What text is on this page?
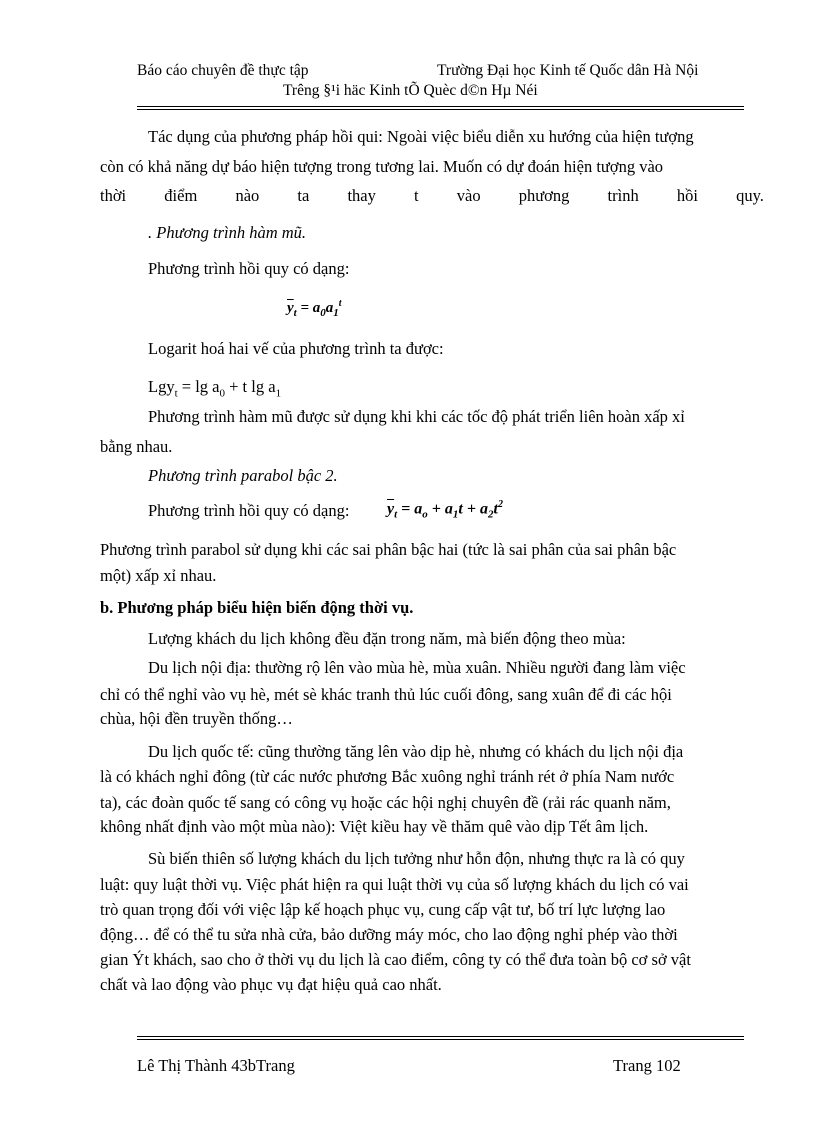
Báo cáo chuyên đề thực tập	Trường Đại học Kinh tế Quốc dân Hà Nội
Trêng §¹i häc Kinh tÕ Quèc d©n Hµ Néi
Tác dụng của phương pháp hồi qui: Ngoài việc biểu diễn xu hướng của hiện tượng
còn có khả năng dự báo hiện tượng trong tương lai. Muốn có dự đoán hiện tượng vào
thời điểm nào ta thay t vào phương trình hồi quy.
. Phương trình hàm mũ.
Phương trình hồi quy có dạng:
$\overline{y}_t = a_0a_1^t$
Logarit hoá hai vế của phương trình ta được:
$Lgy_t = \lg a_0 + t$ $\lg a_1$
Phương trình hàm mũ được sử dụng khi khi các tốc độ phát triển liên hoàn xấp xỉ
bằng nhau.
Phương trình parabol bậc 2.
Phương trình hồi quy có dạng:	$\overline{y}_t = a_o + a_1t + a_2t^2$
Phương trình parabol sử dụng khi các sai phân bậc hai (tức là sai phân của sai phân bậc
một) xấp xỉ nhau.
b. Phương pháp biểu hiện biến động thời vụ.
Lượng khách du lịch không đều đặn trong năm, mà biến động theo mùa:
Du lịch nội địa: thường rộ lên vào mùa hè, mùa xuân. Nhiều người đang làm việc
chỉ có thể nghỉ vào vụ hè, mét sè khác tranh thủ lúc cuối đông, sang xuân để đi các hội
chùa, hội đền truyền thống…
Du lịch quốc tế: cũng thường tăng lên vào dịp hè, nhưng có khách du lịch nội địa
là có khách nghỉ đông (từ các nước phương Bắc xuông nghỉ tránh rét ở phía Nam nước
ta), các đoàn quốc tế sang có công vụ hoặc các hội nghị chuyên đề (rải rác quanh năm,
không nhất định vào một mùa nào): Việt kiều hay về thăm quê vào dịp Tết âm lịch.
Sù biến thiên số lượng khách du lịch tưởng như hỗn độn, nhưng thực ra là có quy
luật: quy luật thời vụ. Việc phát hiện ra qui luật thời vụ của số lượng khách du lịch có vai
trò quan trọng đối với việc lập kế hoạch phục vụ, cung cấp vật tư, bố trí lực lượng lao
động… để có thể tu sửa nhà cửa, bảo dưỡng máy móc, cho lao động nghỉ phép vào thời
gian Ýt khách, sao cho ở thời vụ du lịch là cao điểm, công ty có thể đưa toàn bộ cơ sở vật
chất và lao động vào phục vụ đạt hiệu quả cao nhất.
Lê Thị Thành 43bTrang	Trang 102
